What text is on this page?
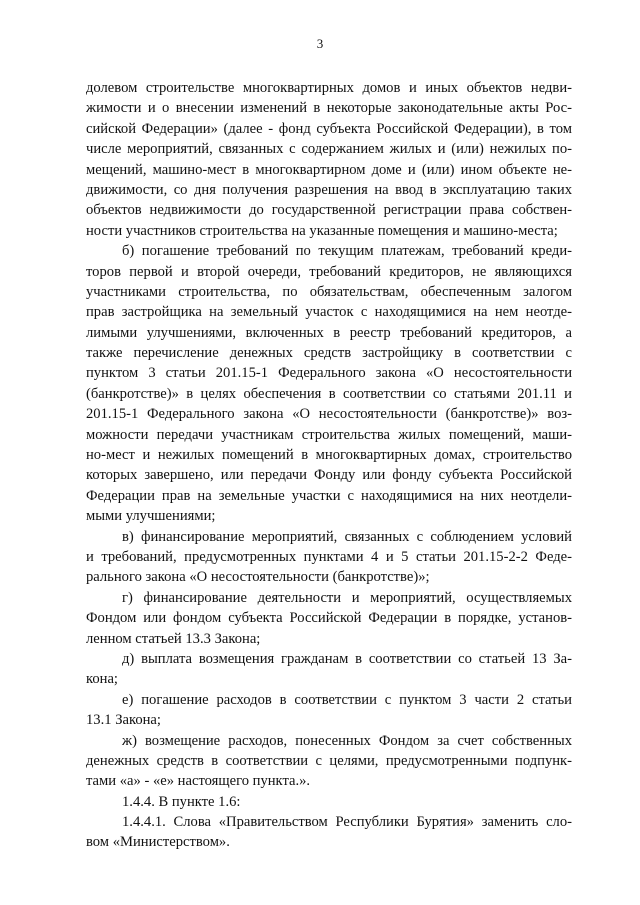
3
долевом строительстве многоквартирных домов и иных объектов недви-
жимости и о внесении изменений в некоторые законодательные акты Рос-
сийской Федерации» (далее - фонд субъекта Российской Федерации), в том
числе мероприятий, связанных с содержанием жилых и (или) нежилых по-
мещений, машино-мест в многоквартирном доме и (или) ином объекте не-
движимости, со дня получения разрешения на ввод в эксплуатацию таких
объектов недвижимости до государственной регистрации права собствен-
ности участников строительства на указанные помещения и машино-места;
б) погашение требований по текущим платежам, требований креди-
торов первой и второй очереди, требований кредиторов, не являющихся
участниками строительства, по обязательствам, обеспеченным залогом
прав застройщика на земельный участок с находящимися на нем неотде-
лимыми улучшениями, включенных в реестр требований кредиторов, а
также перечисление денежных средств застройщику в соответствии с
пунктом 3 статьи 201.15-1 Федерального закона «О несостоятельности
(банкротстве)» в целях обеспечения в соответствии со статьями 201.11 и
201.15-1 Федерального закона «О несостоятельности (банкротстве)» воз-
можности передачи участникам строительства жилых помещений, маши-
но-мест и нежилых помещений в многоквартирных домах, строительство
которых завершено, или передачи Фонду или фонду субъекта Российской
Федерации прав на земельные участки с находящимися на них неотдели-
мыми улучшениями;
в) финансирование мероприятий, связанных с соблюдением условий
и требований, предусмотренных пунктами 4 и 5 статьи 201.15-2-2 Феде-
рального закона «О несостоятельности (банкротстве)»;
г) финансирование деятельности и мероприятий, осуществляемых
Фондом или фондом субъекта Российской Федерации в порядке, установ-
ленном статьей 13.3 Закона;
д) выплата возмещения гражданам в соответствии со статьей 13 За-
кона;
е) погашение расходов в соответствии с пунктом 3 части 2 статьи
13.1 Закона;
ж) возмещение расходов, понесенных Фондом за счет собственных
денежных средств в соответствии с целями, предусмотренными подпунк-
тами «а» - «е» настоящего пункта.».
1.4.4. В пункте 1.6:
1.4.4.1. Слова «Правительством Республики Бурятия» заменить сло-
вом «Министерством».
